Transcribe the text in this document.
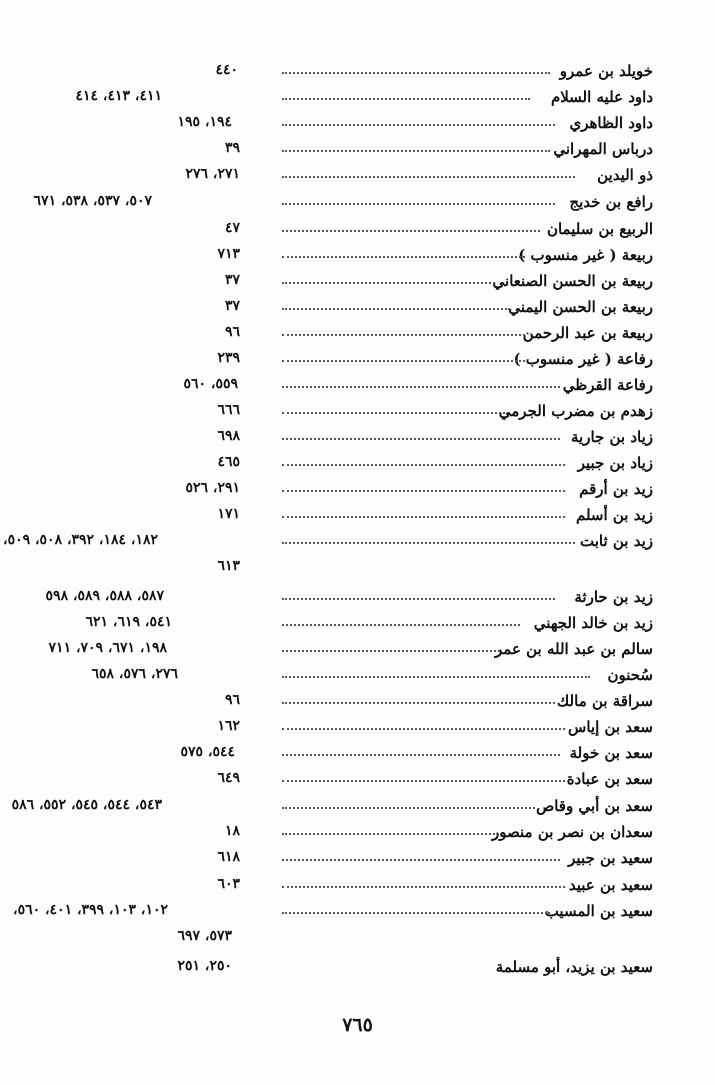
خويلد بن عمرو
٤٤٠
داود عليه السلام
٤١١، ٤١٣، ٤١٤
داود الظاهري
١٩٤، ١٩٥
درباس المهراني
٣٩
ذو اليدين
٢٧١، ٢٧٦
رافع بن خديج
٥٠٧، ٥٣٧، ٥٣٨، ٦٧١
الربيع بن سليمان
٤٧
ربيعة ( غير منسوب )
٧١٣
ربيعة بن الحسن الصنعاني
٣٧
ربيعة بن الحسن اليمني
٣٧
ربيعة بن عبد الرحمن
٩٦
رفاعة ( غير منسوب )
٢٣٩
رفاعة القرظي
٥٥٩، ٥٦٠
زهدم بن مضرب الجرمي
٦٦٦
زياد بن جارية
٦٩٨
زياد بن جبير
٤٦٥
زيد بن أرقم
٢٩١، ٥٢٦
زيد بن أسلم
١٧١
زيد بن ثابت
١٨٢، ١٨٤، ٣٩٢، ٥٠٨، ٥٠٩،
٦١٣
زيد بن حارثة
٥٨٧، ٥٨٨، ٥٨٩، ٥٩٨
زيد بن خالد الجهني
٥٤١، ٦١٩، ٦٢١
سالم بن عبد الله بن عمر
١٩٨، ٦٧١، ٧٠٩، ٧١١
سُحنون
٢٧٦، ٥٧٦، ٦٥٨
سراقة بن مالك
٩٦
سعد بن إياس
١٦٢
سعد بن خولة
٥٤٤، ٥٧٥
سعد بن عبادة
٦٤٩
سعد بن أبي وقاص
٥٤٣، ٥٤٤، ٥٤٥، ٥٥٢، ٥٨٦
سعدان بن نصر بن منصور
١٨
سعيد بن جبير
٦١٨
سعيد بن عبيد
٦٠٣
سعيد بن المسيب
١٠٢، ١٠٣، ٣٩٩، ٤٠١، ٥٦٠،
٥٧٣، ٦٩٧
سعيد بن يزيد، أبو مسلمة
٢٥٠، ٢٥١
٧٦٥
